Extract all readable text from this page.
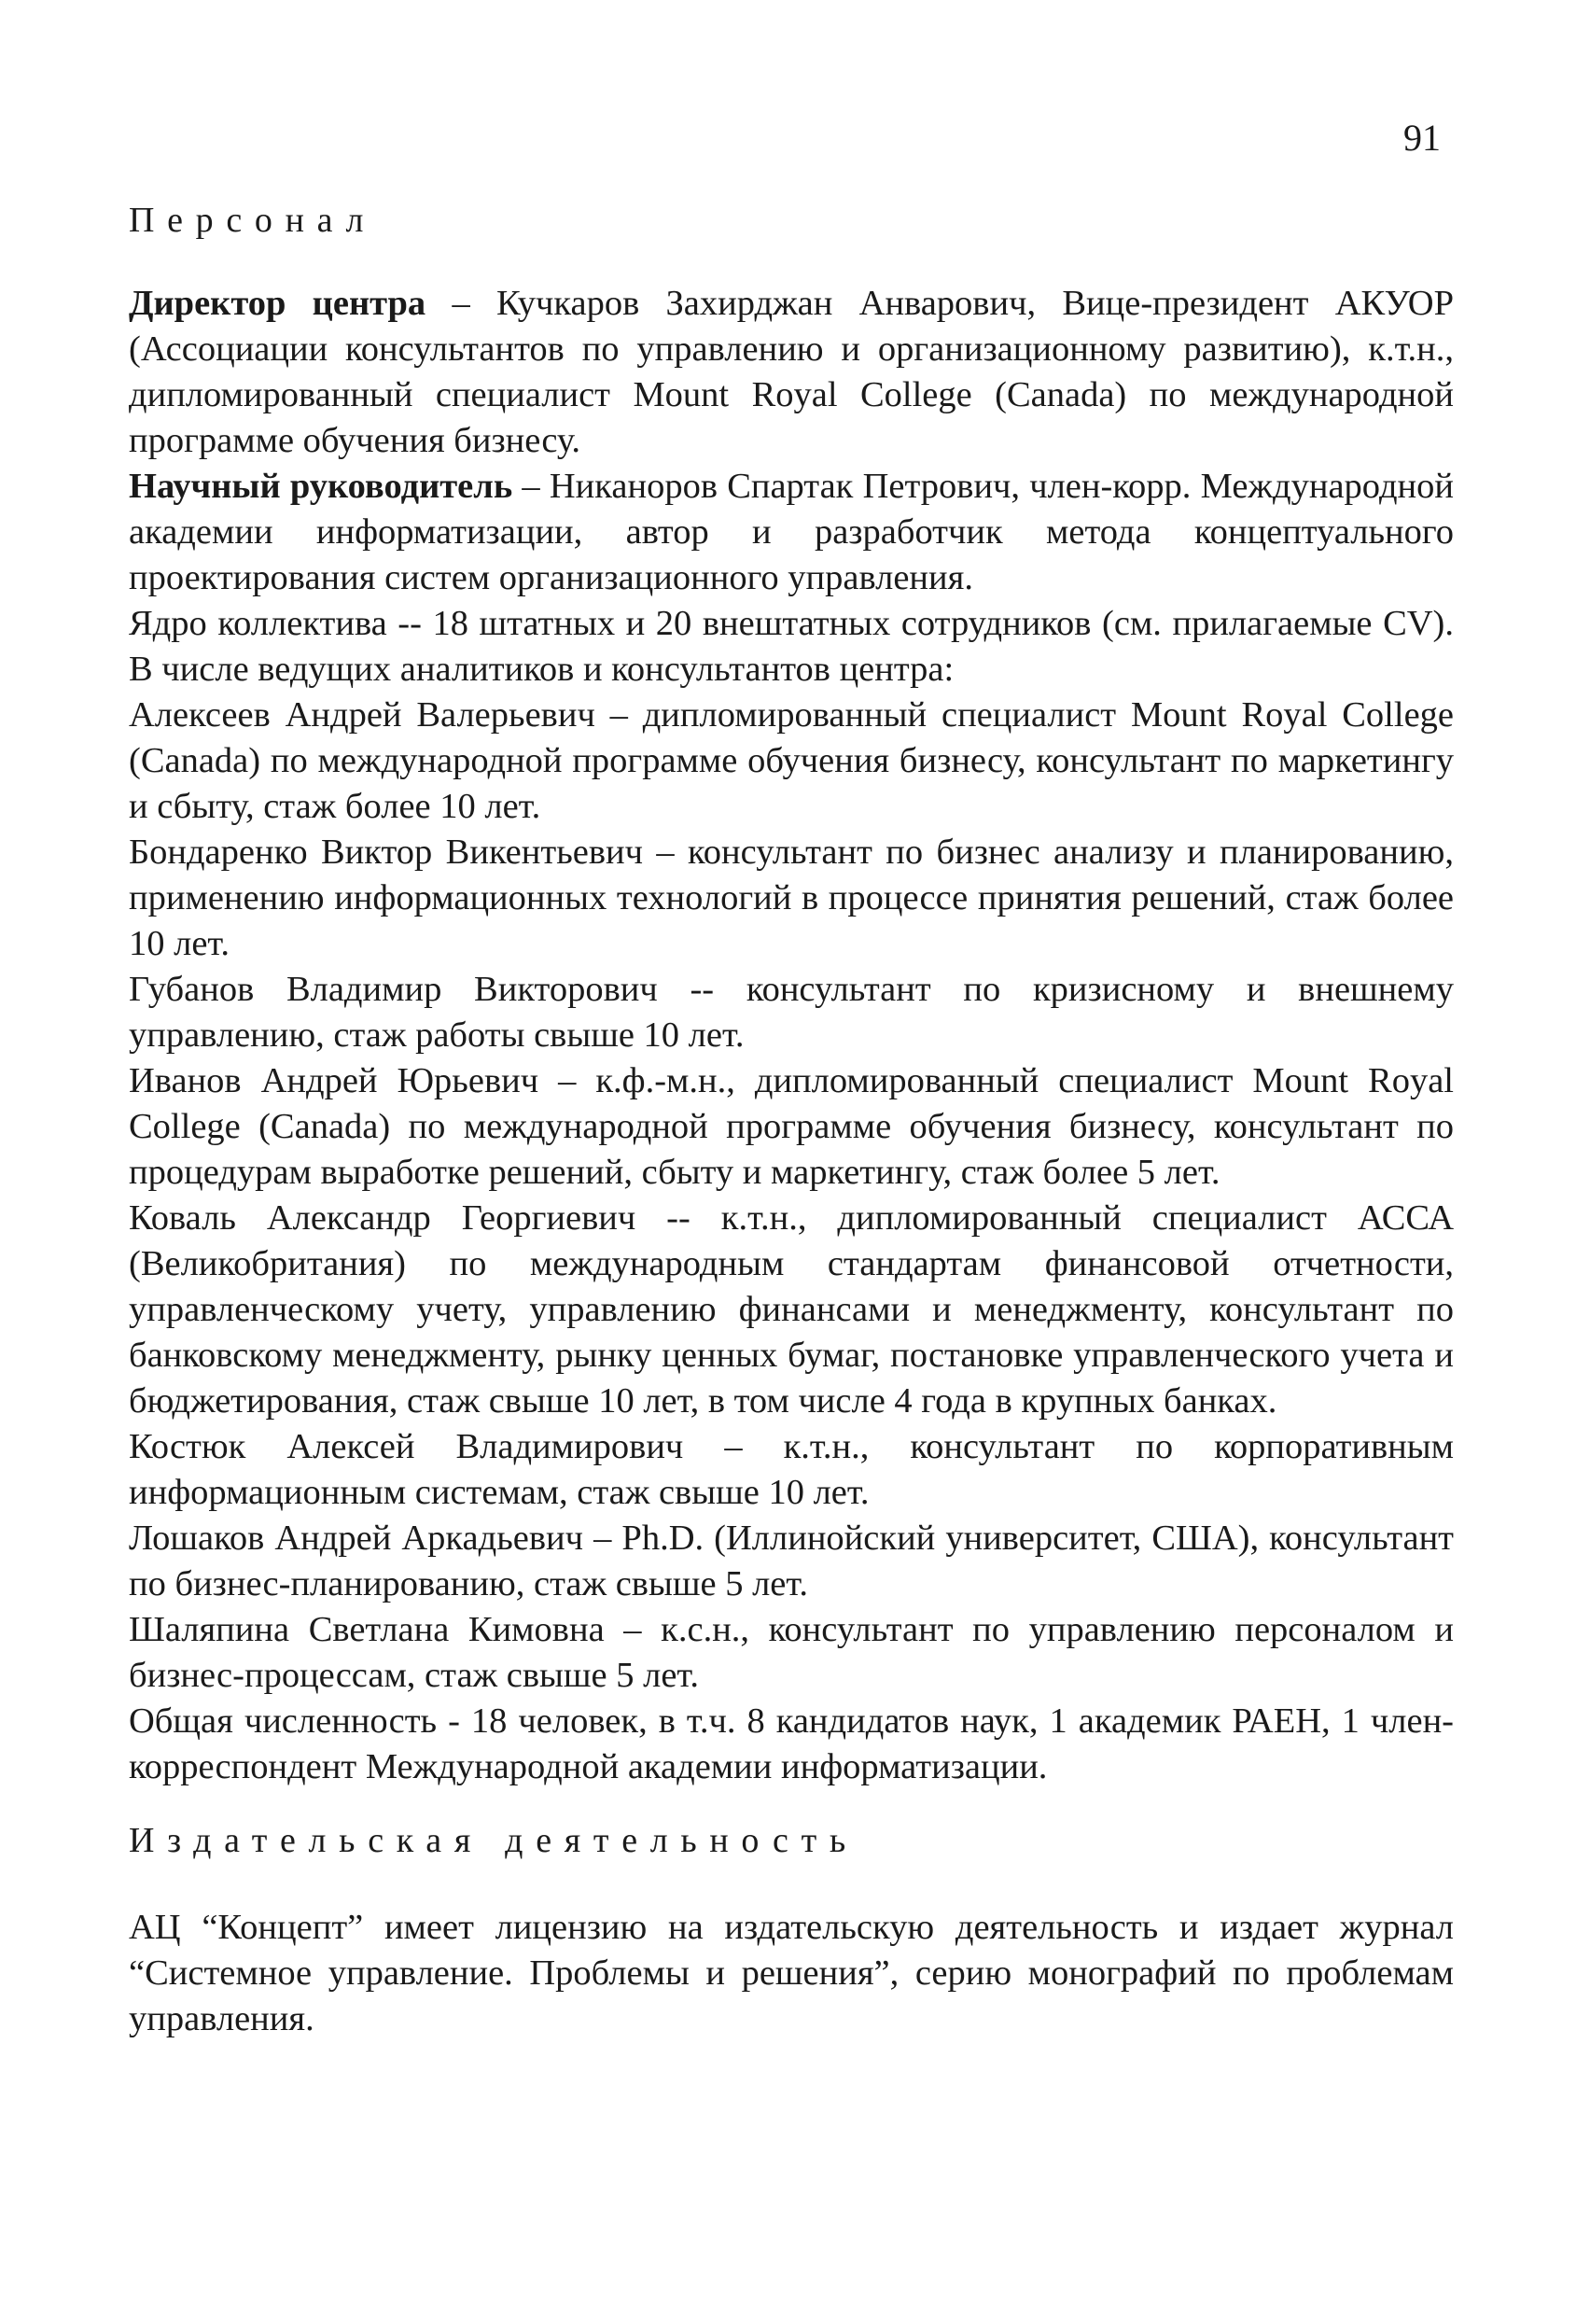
91

Персонал

Директор центра – Кучкаров Захирджан Анварович, Вице-президент АКУОР (Ассоциации консультантов по управлению и организационному развитию), к.т.н., дипломированный специалист Mount Royal College (Canada) по международной программе обучения бизнесу.

Научный руководитель – Никаноров Спартак Петрович, член-корр. Международной академии информатизации, автор и разработчик метода концептуального проектирования систем организационного управления.

Ядро коллектива -- 18 штатных и 20 внештатных сотрудников (см. прилагаемые CV). В числе ведущих аналитиков и консультантов центра:

Алексеев Андрей Валерьевич – дипломированный специалист Mount Royal College (Canada) по международной программе обучения бизнесу, консультант по маркетингу и сбыту, стаж более 10 лет.

Бондаренко Виктор Викентьевич – консультант по бизнес анализу и планированию, применению информационных технологий в процессе принятия решений, стаж более 10 лет.

Губанов Владимир Викторович -- консультант по кризисному и внешнему управлению, стаж работы свыше 10 лет.

Иванов Андрей Юрьевич – к.ф.-м.н., дипломированный специалист Mount Royal College (Canada) по международной программе обучения бизнесу, консультант по процедурам выработке решений, сбыту и маркетингу, стаж более 5 лет.

Коваль Александр Георгиевич -- к.т.н., дипломированный специалист АССА (Великобритания) по международным стандартам финансовой отчетности, управленческому учету, управлению финансами и менеджменту, консультант по банковскому менеджменту, рынку ценных бумаг, постановке управленческого учета и бюджетирования, стаж свыше 10 лет, в том числе 4 года в крупных банках.

Костюк Алексей Владимирович – к.т.н., консультант по корпоративным информационным системам, стаж свыше 10 лет.

Лошаков Андрей Аркадьевич – Ph.D. (Иллинойский университет, США), консультант по бизнес-планированию, стаж свыше 5 лет.

Шаляпина Светлана Кимовна – к.с.н., консультант по управлению персоналом и бизнес-процессам, стаж свыше 5 лет.

Общая численность - 18 человек, в т.ч. 8 кандидатов наук, 1 академик РАЕН, 1 член-корреспондент Международной академии информатизации.

Издательская деятельность

АЦ “Концепт” имеет лицензию на издательскую деятельность и издает журнал “Системное управление. Проблемы и решения”, серию монографий по проблемам управления.
